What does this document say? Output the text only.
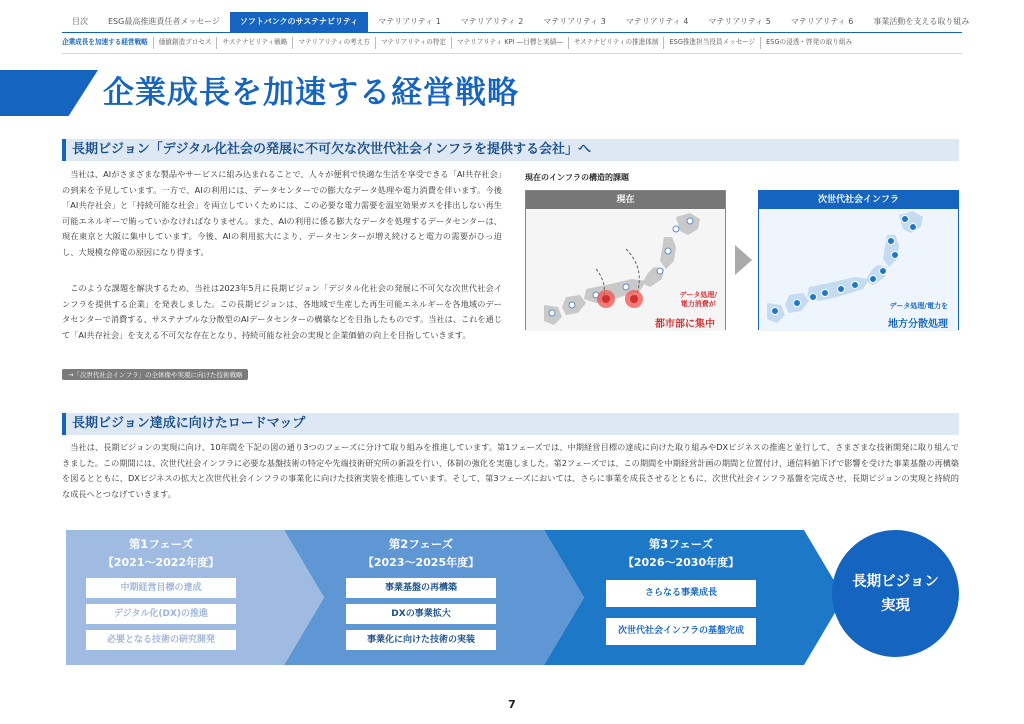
目次	ESG最高推進責任者メッセージ	ソフトバンクのサステナビリティ	マテリアリティ 1	マテリアリティ 2	マテリアリティ 3	マテリアリティ 4	マテリアリティ 5	マテリアリティ 6	事業活動を支える取り組み
企業成長を加速する経営戦略	価値創造プロセス	サステナビリティ戦略	マテリアリティの考え方	マテリアリティの特定	マテリアリティ KPI ―目標と実績―	サステナビリティの推進体制	ESG推進担当役員メッセージ	ESGの浸透・啓発の取り組み
企業成長を加速する経営戦略
長期ビジョン「デジタル化社会の発展に不可欠な次世代社会インフラを提供する会社」へ

当社は、AIがさまざまな製品やサービスに組み込まれることで、人々が便利で快適な生活を享受できる「AI共存社会」の到来を予見しています。一方で、AIの利用には、データセンターでの膨大なデータ処理や電力消費を伴います。今後「AI共存社会」と「持続可能な社会」を両立していくためには、この必要な電力需要を温室効果ガスを排出しない再生可能エネルギーで賄っていかなければなりません。また、AIの利用に係る膨大なデータを処理するデータセンターは、現在東京と大阪に集中しています。今後、AIの利用拡大により、データセンターが増え続けると電力の需要がひっ迫し、大規模な停電の原因になり得ます。

このような課題を解決するため、当社は2023年5月に長期ビジョン「デジタル化社会の発展に不可欠な次世代社会インフラを提供する企業」を発表しました。この長期ビジョンは、各地域で生産した再生可能エネルギーを各地域のデータセンターで消費する、サステナブルな分散型のAIデータセンターの構築などを目指したものです。当社は、これを通じて「AI共存社会」を支える不可欠な存在となり、持続可能な社会の実現と企業価値の向上を目指していきます。

→「次世代社会インフラ」の全体像や実現に向けた技術戦略
現在のインフラの構造的課題
現在
データ処理/
電力消費が
都市部に集中
次世代社会インフラ
データ処理/電力を
地方分散処理
長期ビジョン達成に向けたロードマップ

当社は、長期ビジョンの実現に向け、10年間を下記の図の通り3つのフェーズに分けて取り組みを推進しています。第1フェーズでは、中期経営目標の達成に向けた取り組みやDXビジネスの推進と並行して、さまざまな技術開発に取り組んできました。この期間には、次世代社会インフラに必要な基盤技術の特定や先端技術研究所の新設を行い、体制の強化を実施しました。第2フェーズでは、この期間を中期経営計画の期間と位置付け、通信料値下げで影響を受けた事業基盤の再構築を図るとともに、DXビジネスの拡大と次世代社会インフラの事業化に向けた技術実装を推進しています。そして、第3フェーズにおいては、さらに事業を成長させるとともに、次世代社会インフラ基盤を完成させ、長期ビジョンの実現と持続的な成長へとつなげていきます。

第3フェーズ
【2026～2030年度】
さらなる事業成長
次世代社会インフラの基盤完成
第2フェーズ
【2023～2025年度】
事業基盤の再構築
DXの事業拡大
事業化に向けた技術の実装
第1フェーズ
【2021～2022年度】
中期経営目標の達成
デジタル化(DX)の推進
必要となる技術の研究開発
長期ビジョン
実現
7
